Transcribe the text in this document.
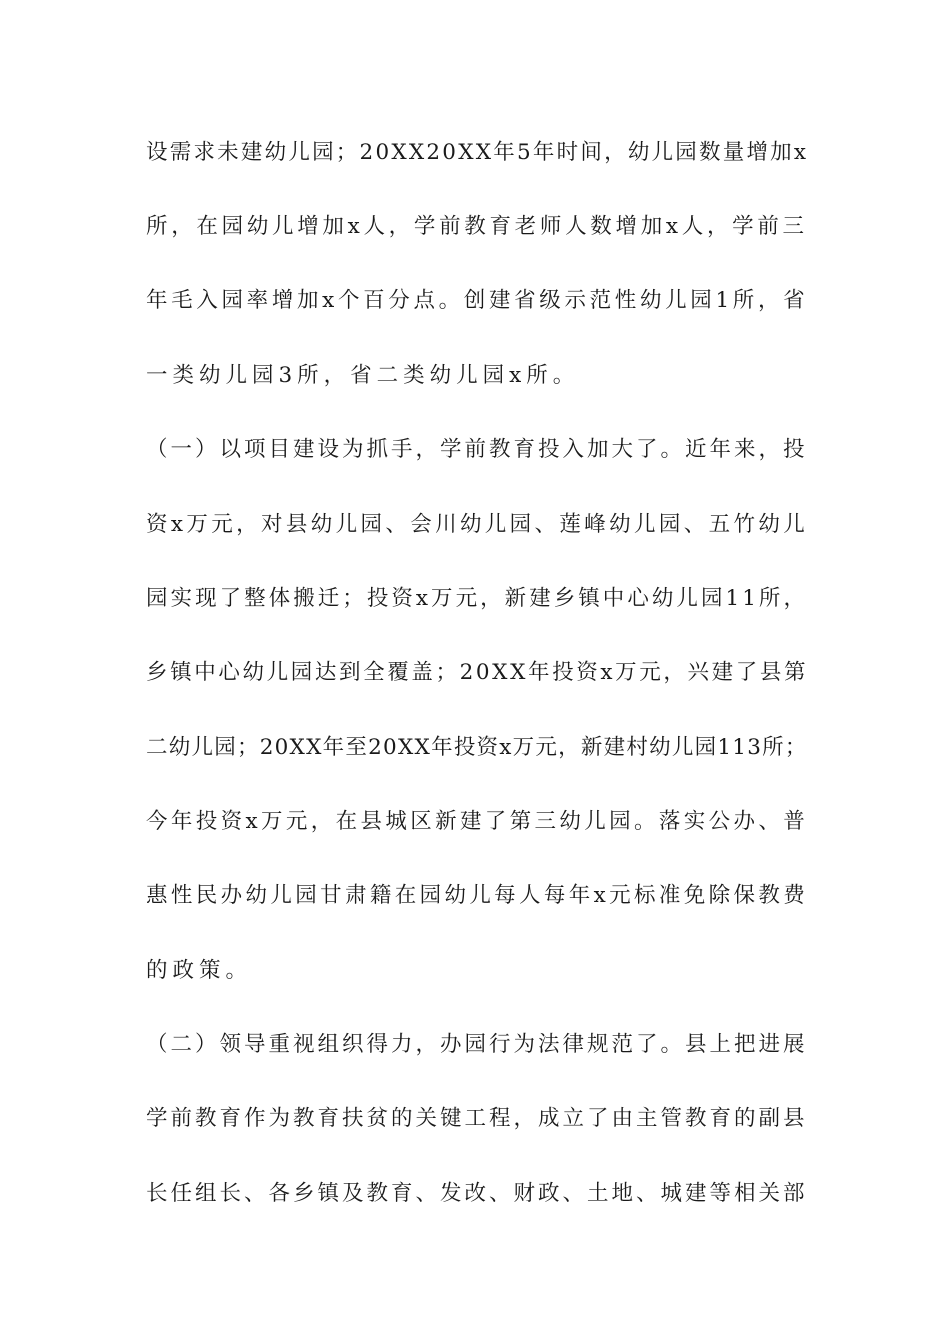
设需求未建幼儿园；20XX20XX年5年时间，幼儿园数量增加x
所，在园幼儿增加x人，学前教育老师人数增加x人，学前三
年毛入园率增加x个百分点。创建省级示范性幼儿园1所，省
一类幼儿园3所，省二类幼儿园x所。
（一）以项目建设为抓手，学前教育投入加大了。近年来，投
资x万元，对县幼儿园、会川幼儿园、莲峰幼儿园、五竹幼儿
园实现了整体搬迁；投资x万元，新建乡镇中心幼儿园11所，
乡镇中心幼儿园达到全覆盖；20XX年投资x万元，兴建了县第
二幼儿园；20XX年至20XX年投资x万元，新建村幼儿园113所；
今年投资x万元，在县城区新建了第三幼儿园。落实公办、普
惠性民办幼儿园甘肃籍在园幼儿每人每年x元标准免除保教费
的政策。
（二）领导重视组织得力，办园行为法律规范了。县上把进展
学前教育作为教育扶贫的关键工程，成立了由主管教育的副县
长任组长、各乡镇及教育、发改、财政、土地、城建等相关部
